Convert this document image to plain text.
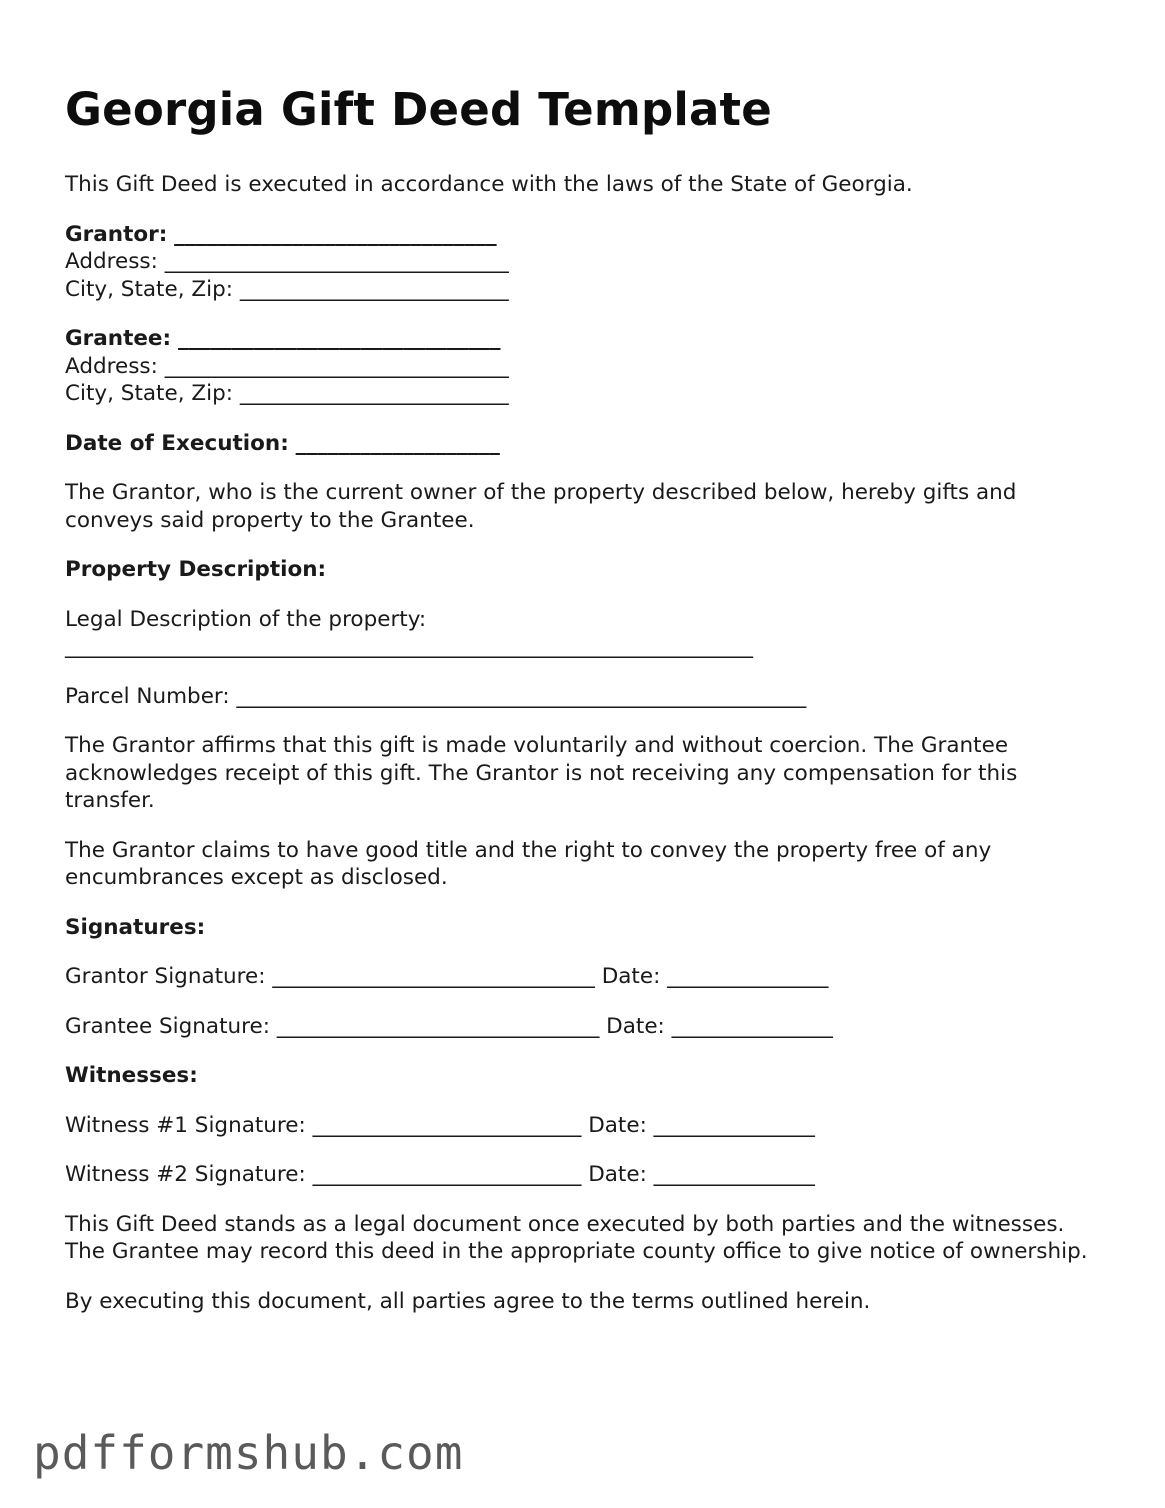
Georgia Gift Deed Template

This Gift Deed is executed in accordance with the laws of the State of Georgia.

Grantor: ______________________________
Address: ________________________________
City, State, Zip: _________________________
Grantee: ______________________________
Address: ________________________________
City, State, Zip: _________________________

Date of Execution: ___________________

The Grantor, who is the current owner of the property described below, hereby gifts and conveys said property to the Grantee.

Property Description:

Legal Description of the property:
________________________________________________________________

Parcel Number: _____________________________________________________

The Grantor affirms that this gift is made voluntarily and without coercion. The Grantee acknowledges receipt of this gift. The Grantor is not receiving any compensation for this transfer.

The Grantor claims to have good title and the right to convey the property free of any encumbrances except as disclosed.

Signatures:

Grantor Signature: ______________________________ Date: _______________

Grantee Signature: ______________________________ Date: _______________

Witnesses:

Witness #1 Signature: _________________________ Date: _______________

Witness #2 Signature: _________________________ Date: _______________

This Gift Deed stands as a legal document once executed by both parties and the witnesses. The Grantee may record this deed in the appropriate county office to give notice of ownership.

By executing this document, all parties agree to the terms outlined herein.

pdfformshub.com
